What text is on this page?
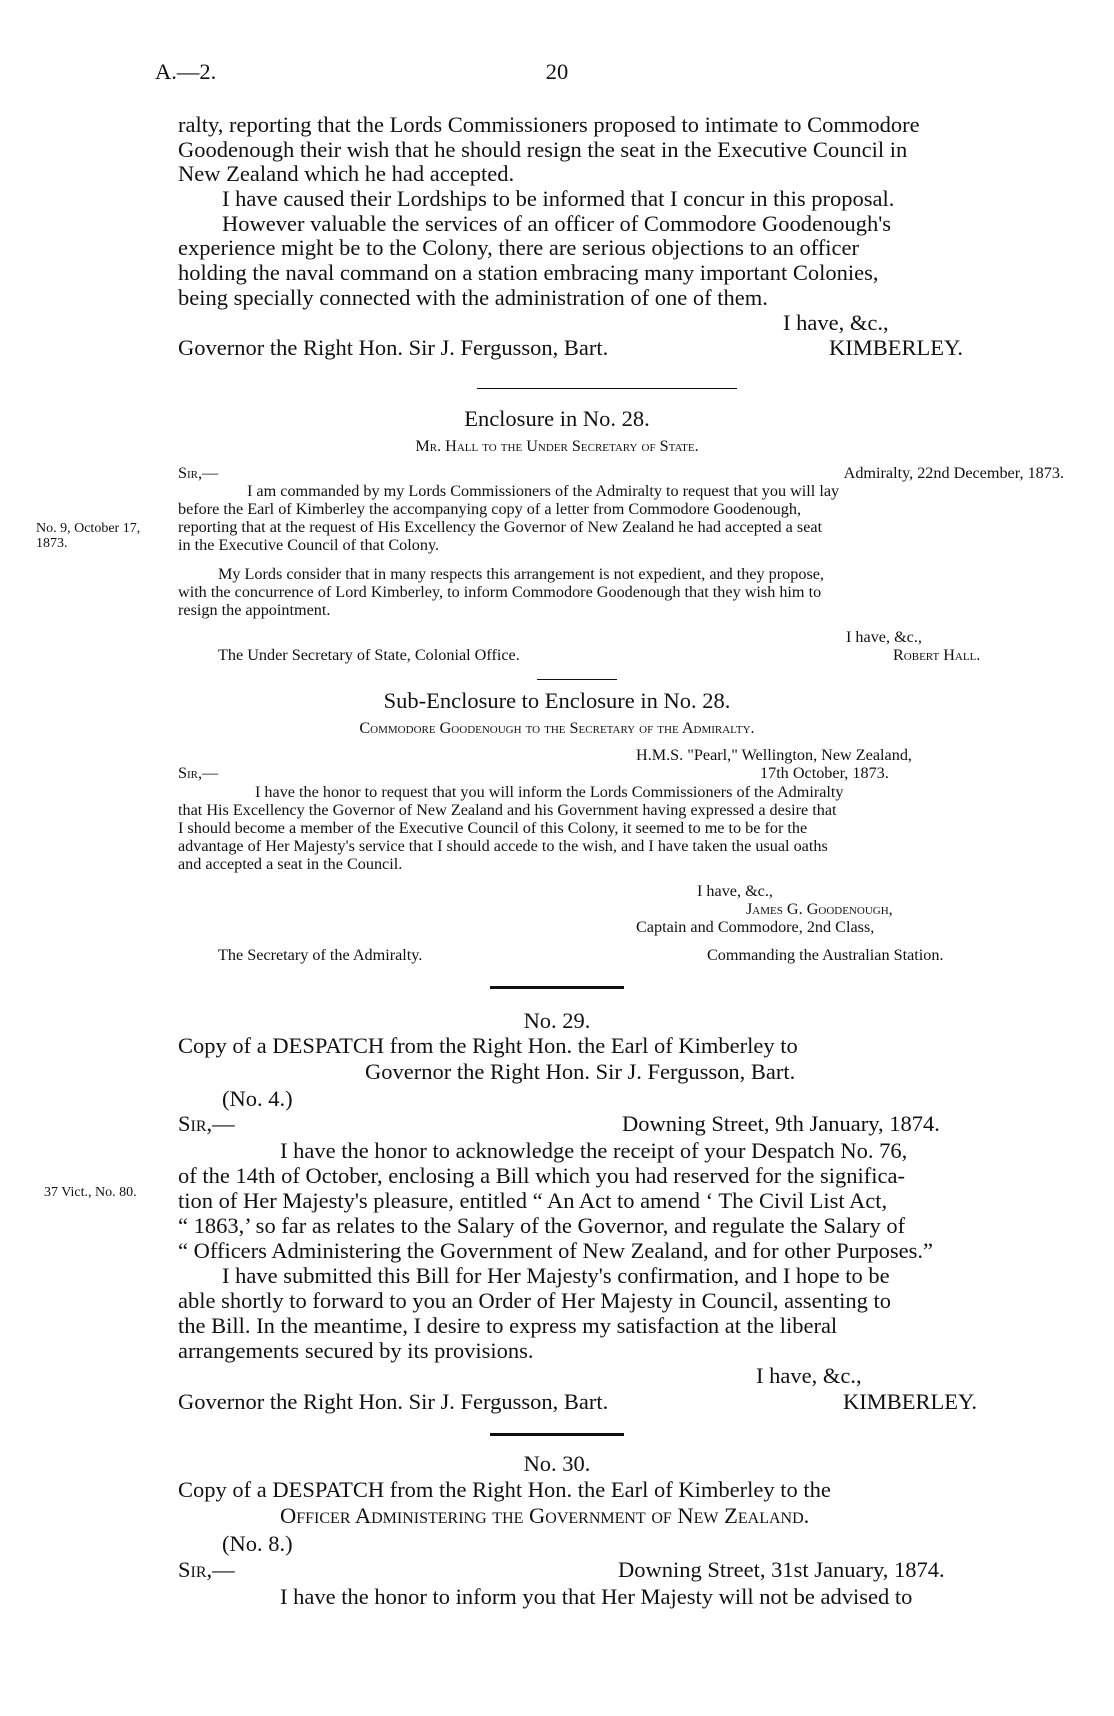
A.—2.	20
ralty, reporting that the Lords Commissioners proposed to intimate to Commodore
Goodenough their wish that he should resign the seat in the Executive Council in
New Zealand which he had accepted.
I have caused their Lordships to be informed that I concur in this proposal.
However valuable the services of an officer of Commodore Goodenough's
experience might be to the Colony, there are serious objections to an officer
holding the naval command on a station embracing many important Colonies,
being specially connected with the administration of one of them.
I have, &c.,
Governor the Right Hon. Sir J. Fergusson, Bart.	KIMBERLEY.
Enclosure in No. 28.
Mr. Hall to the Under Secretary of State.
Sir,—	Admiralty, 22nd December, 1873.
No. 9, October 17,
1873.
I am commanded by my Lords Commissioners of the Admiralty to request that you will lay
before the Earl of Kimberley the accompanying copy of a letter from Commodore Goodenough,
reporting that at the request of His Excellency the Governor of New Zealand he had accepted a seat
in the Executive Council of that Colony.
My Lords consider that in many respects this arrangement is not expedient, and they propose,
with the concurrence of Lord Kimberley, to inform Commodore Goodenough that they wish him to
resign the appointment.
I have, &c.,
The Under Secretary of State, Colonial Office.	Robert Hall.
Sub-Enclosure to Enclosure in No. 28.
Commodore Goodenough to the Secretary of the Admiralty.
H.M.S. "Pearl," Wellington, New Zealand,
Sir,—	17th October, 1873.
I have the honor to request that you will inform the Lords Commissioners of the Admiralty
that His Excellency the Governor of New Zealand and his Government having expressed a desire that
I should become a member of the Executive Council of this Colony, it seemed to me to be for the
advantage of Her Majesty's service that I should accede to the wish, and I have taken the usual oaths
and accepted a seat in the Council.
I have, &c.,
James G. Goodenough,
Captain and Commodore, 2nd Class,
The Secretary of the Admiralty.	Commanding the Australian Station.
No. 29.
Copy of a DESPATCH from the Right Hon. the Earl of Kimberley to
Governor the Right Hon. Sir J. Fergusson, Bart.
(No. 4.)
Sir,—	Downing Street, 9th January, 1874.
37 Vict., No. 80.
I have the honor to acknowledge the receipt of your Despatch No. 76,
of the 14th of October, enclosing a Bill which you had reserved for the significa-
tion of Her Majesty's pleasure, entitled “ An Act to amend ‘ The Civil List Act,
“ 1863,’ so far as relates to the Salary of the Governor, and regulate the Salary of
“ Officers Administering the Government of New Zealand, and for other Purposes.”
I have submitted this Bill for Her Majesty's confirmation, and I hope to be
able shortly to forward to you an Order of Her Majesty in Council, assenting to
the Bill. In the meantime, I desire to express my satisfaction at the liberal
arrangements secured by its provisions.
I have, &c.,
Governor the Right Hon. Sir J. Fergusson, Bart.	KIMBERLEY.
No. 30.
Copy of a DESPATCH from the Right Hon. the Earl of Kimberley to the
Officer Administering the Government of New Zealand.
(No. 8.)
Sir,—	Downing Street, 31st January, 1874.
I have the honor to inform you that Her Majesty will not be advised to
